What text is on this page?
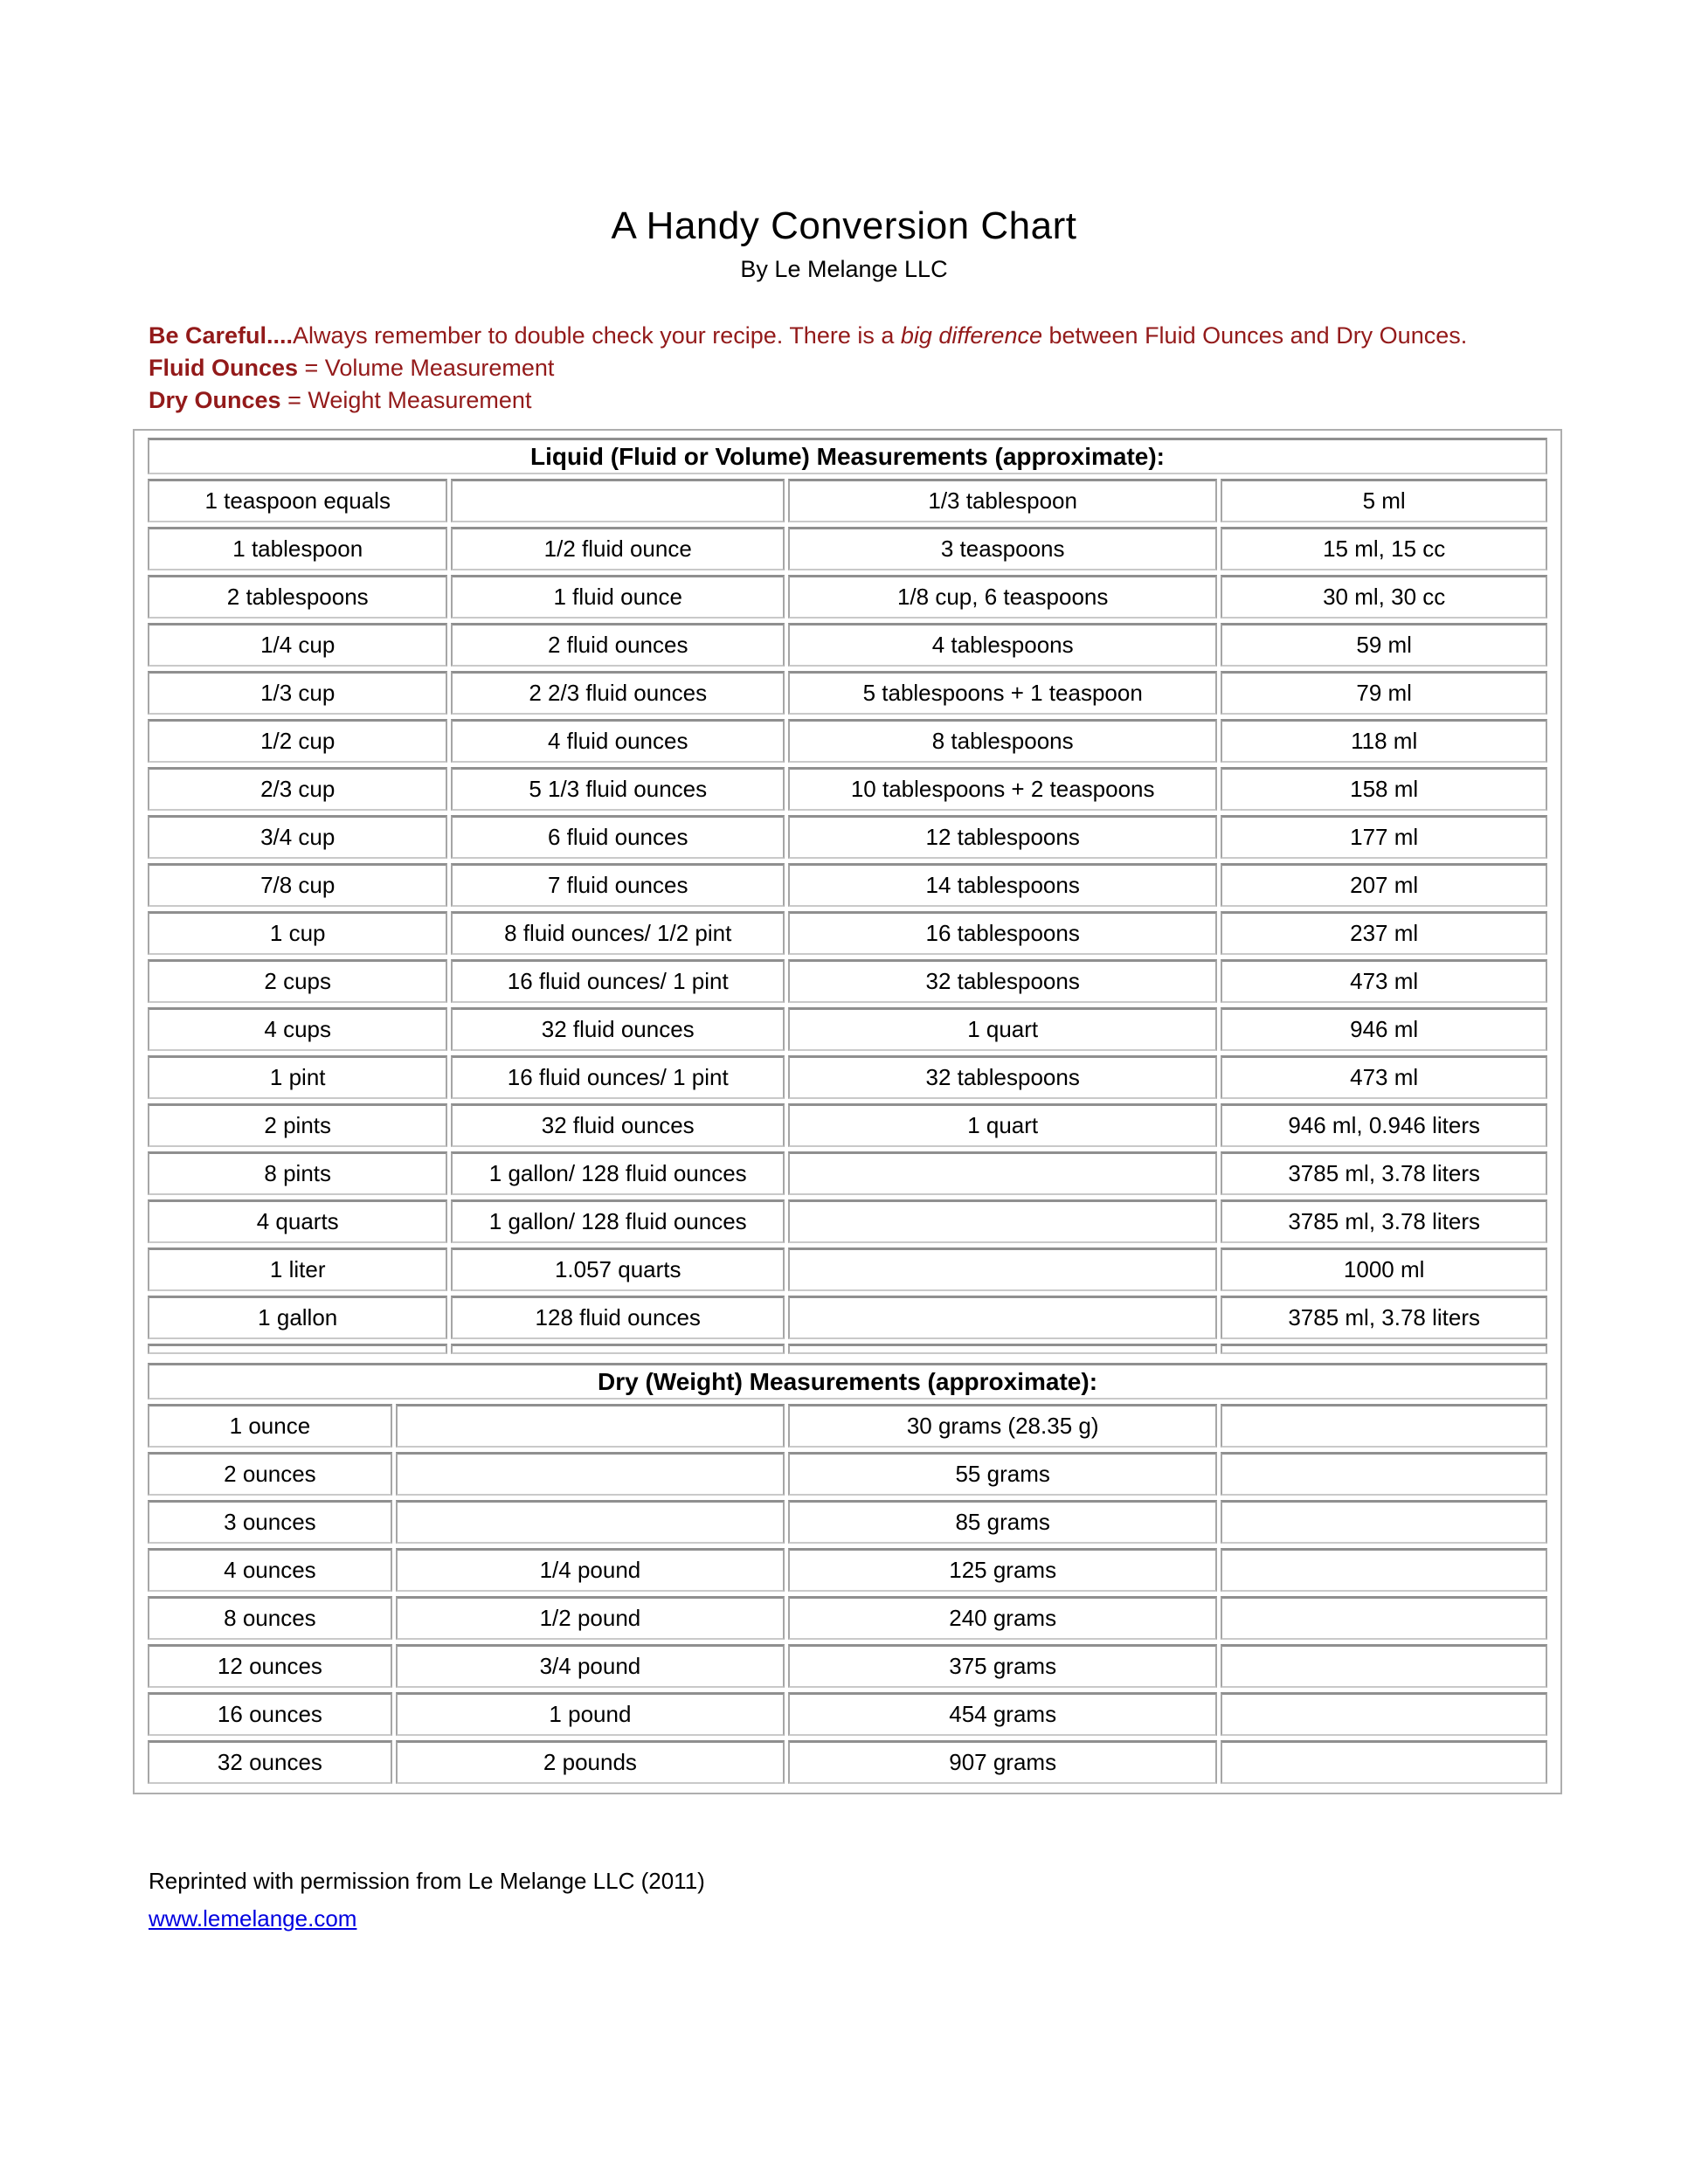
A Handy Conversion Chart
By Le Melange LLC

Be Careful....Always remember to double check your recipe. There is a big difference between Fluid Ounces and Dry Ounces.

Fluid Ounces = Volume Measurement

Dry Ounces = Weight Measurement

Liquid (Fluid or Volume) Measurements (approximate):			
1 teaspoon equals		1/3 tablespoon	5 ml
1 tablespoon	1/2 fluid ounce	3 teaspoons	15 ml, 15 cc
2 tablespoons	1 fluid ounce	1/8 cup, 6 teaspoons	30 ml, 30 cc
1/4 cup	2 fluid ounces	4 tablespoons	59 ml
1/3 cup	2 2/3 fluid ounces	5 tablespoons + 1 teaspoon	79 ml
1/2 cup	4 fluid ounces	8 tablespoons	118 ml
2/3 cup	5 1/3 fluid ounces	10 tablespoons + 2 teaspoons	158 ml
3/4 cup	6 fluid ounces	12 tablespoons	177 ml
7/8 cup	7 fluid ounces	14 tablespoons	207 ml
1 cup	8 fluid ounces/ 1/2 pint	16 tablespoons	237 ml
2 cups	16 fluid ounces/ 1 pint	32 tablespoons	473 ml
4 cups	32 fluid ounces	1 quart	946 ml
1 pint	16 fluid ounces/ 1 pint	32 tablespoons	473 ml
2 pints	32 fluid ounces	1 quart	946 ml, 0.946 liters
8 pints	1 gallon/ 128 fluid ounces		3785 ml, 3.78 liters
4 quarts	1 gallon/ 128 fluid ounces		3785 ml, 3.78 liters
1 liter	1.057 quarts		1000 ml
1 gallon	128 fluid ounces		3785 ml, 3.78 liters

Dry (Weight) Measurements (approximate):			
1 ounce		30 grams (28.35 g)	
2 ounces		55 grams	
3 ounces		85 grams	
4 ounces	1/4 pound	125 grams	
8 ounces	1/2 pound	240 grams	
12 ounces	3/4 pound	375 grams	
16 ounces	1 pound	454 grams	
32 ounces	2 pounds	907 grams	

Reprinted with permission from Le Melange LLC (2011)

www.lemelange.com
